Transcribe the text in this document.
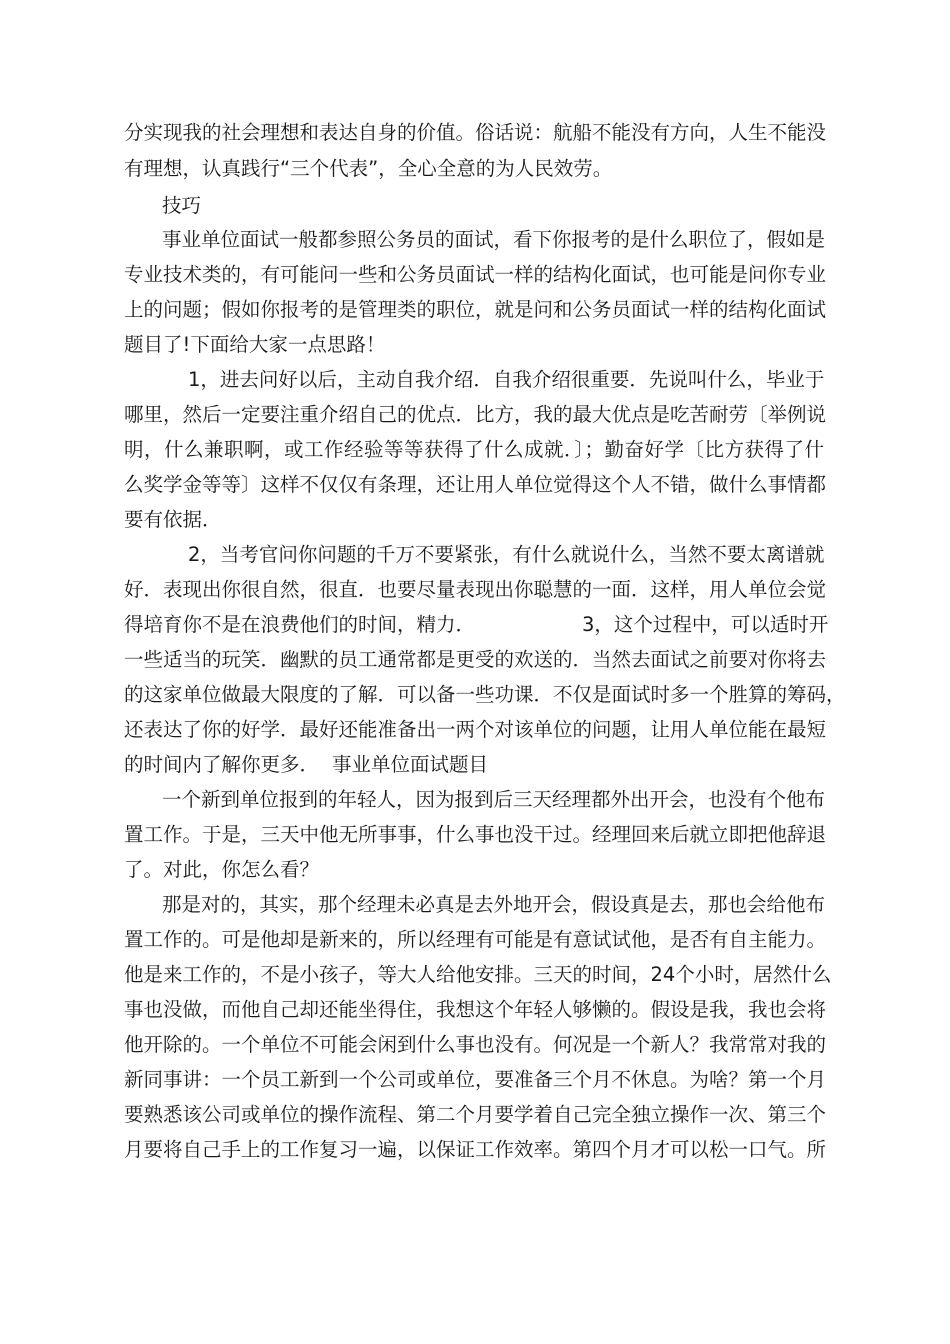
分实现我的社会理想和表达自身的价值。俗话说：航船不能没有方向，人生不能没
有理想，认真践行“三个代表”，全心全意的为人民效劳。
技巧
事业单位面试一般都参照公务员的面试，看下你报考的是什么职位了，假如是
专业技术类的，有可能问一些和公务员面试一样的结构化面试，也可能是问你专业
上的问题；假如你报考的是管理类的职位，就是问和公务员面试一样的结构化面试
题目了!下面给大家一点思路！
1，进去问好以后，主动自我介绍．自我介绍很重要．先说叫什么，毕业于
哪里，然后一定要注重介绍自己的优点．比方，我的最大优点是吃苦耐劳〔举例说
明，什么兼职啊，或工作经验等等获得了什么成就．〕；勤奋好学〔比方获得了什
么奖学金等等〕这样不仅仅有条理，还让用人单位觉得这个人不错，做什么事情都
要有依据．
2，当考官问你问题的千万不要紧张，有什么就说什么，当然不要太离谱就
好．表现出你很自然，很直．也要尽量表现出你聪慧的一面．这样，用人单位会觉
得培育你不是在浪费他们的时间，精力．	3，这个过程中，可以适时开
一些适当的玩笑．幽默的员工通常都是更受的欢送的．当然去面试之前要对你将去
的这家单位做最大限度的了解．可以备一些功课．不仅是面试时多一个胜算的筹码，
还表达了你的好学．最好还能准备出一两个对该单位的问题，让用人单位能在最短
的时间内了解你更多． 事业单位面试题目
一个新到单位报到的年轻人，因为报到后三天经理都外出开会，也没有个他布
置工作。于是，三天中他无所事事，什么事也没干过。经理回来后就立即把他辞退
了。对此，你怎么看？
那是对的，其实，那个经理未必真是去外地开会，假设真是去，那也会给他布
置工作的。可是他却是新来的，所以经理有可能是有意试试他，是否有自主能力。
他是来工作的，不是小孩子，等大人给他安排。三天的时间，24个小时，居然什么
事也没做，而他自己却还能坐得住，我想这个年轻人够懒的。假设是我，我也会将
他开除的。一个单位不可能会闲到什么事也没有。何况是一个新人？我常常对我的
新同事讲：一个员工新到一个公司或单位，要准备三个月不休息。为啥？第一个月
要熟悉该公司或单位的操作流程、第二个月要学着自己完全独立操作一次、第三个
月要将自己手上的工作复习一遍，以保证工作效率。第四个月才可以松一口气。所
